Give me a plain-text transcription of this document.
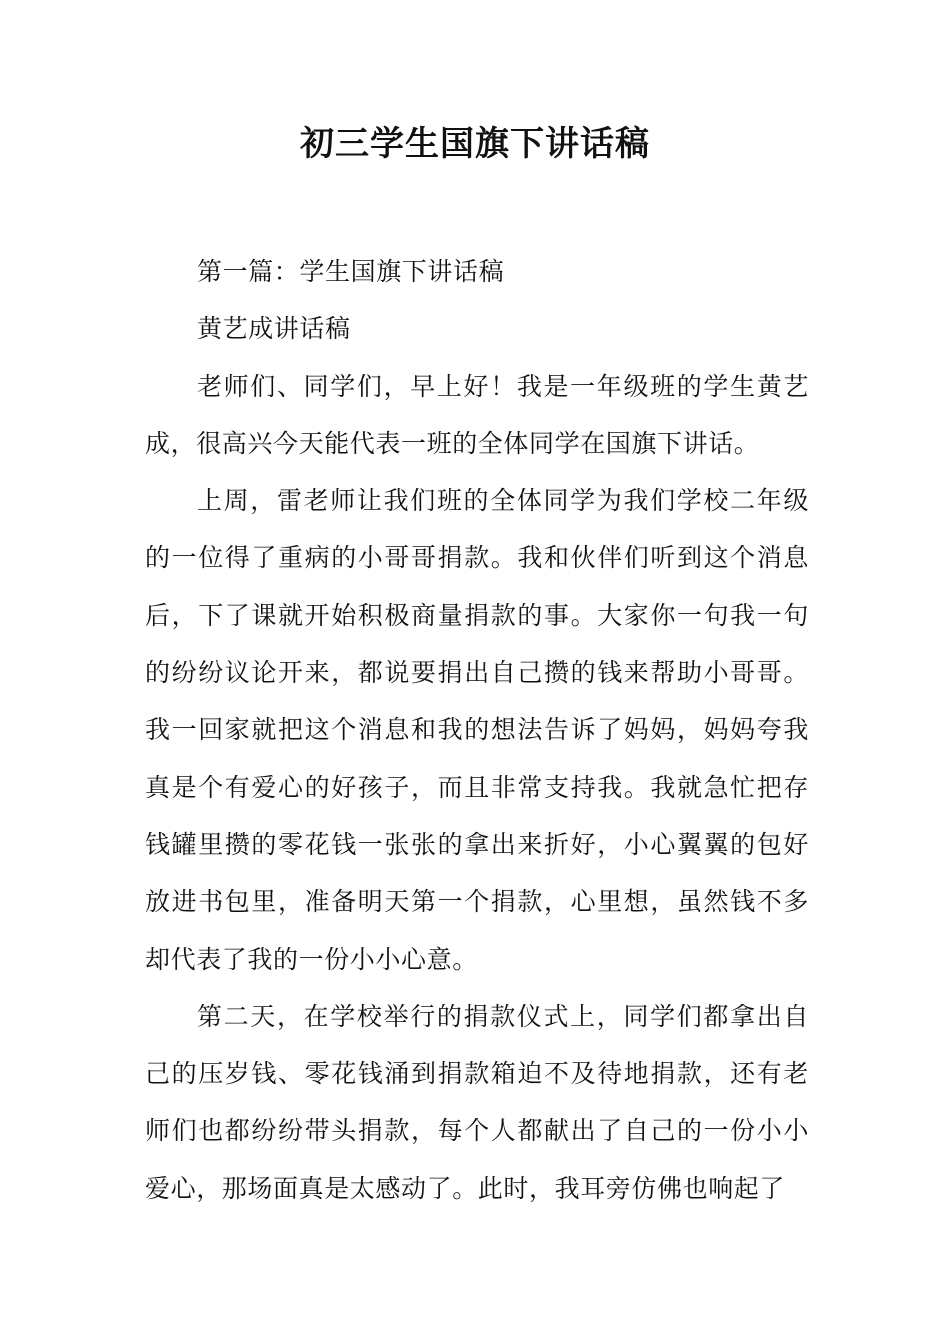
初三学生国旗下讲话稿

第一篇：学生国旗下讲话稿

黄艺成讲话稿

老师们、同学们，早上好！我是一年级班的学生黄艺成，很高兴今天能代表一班的全体同学在国旗下讲话。

上周，雷老师让我们班的全体同学为我们学校二年级的一位得了重病的小哥哥捐款。我和伙伴们听到这个消息后，下了课就开始积极商量捐款的事。大家你一句我一句的纷纷议论开来，都说要捐出自己攒的钱来帮助小哥哥。我一回家就把这个消息和我的想法告诉了妈妈，妈妈夸我真是个有爱心的好孩子，而且非常支持我。我就急忙把存钱罐里攒的零花钱一张张的拿出来折好，小心翼翼的包好放进书包里，准备明天第一个捐款，心里想，虽然钱不多却代表了我的一份小小心意。

第二天，在学校举行的捐款仪式上，同学们都拿出自己的压岁钱、零花钱涌到捐款箱迫不及待地捐款，还有老师们也都纷纷带头捐款，每个人都献出了自己的一份小小爱心，那场面真是太感动了。此时，我耳旁仿佛也响起了
